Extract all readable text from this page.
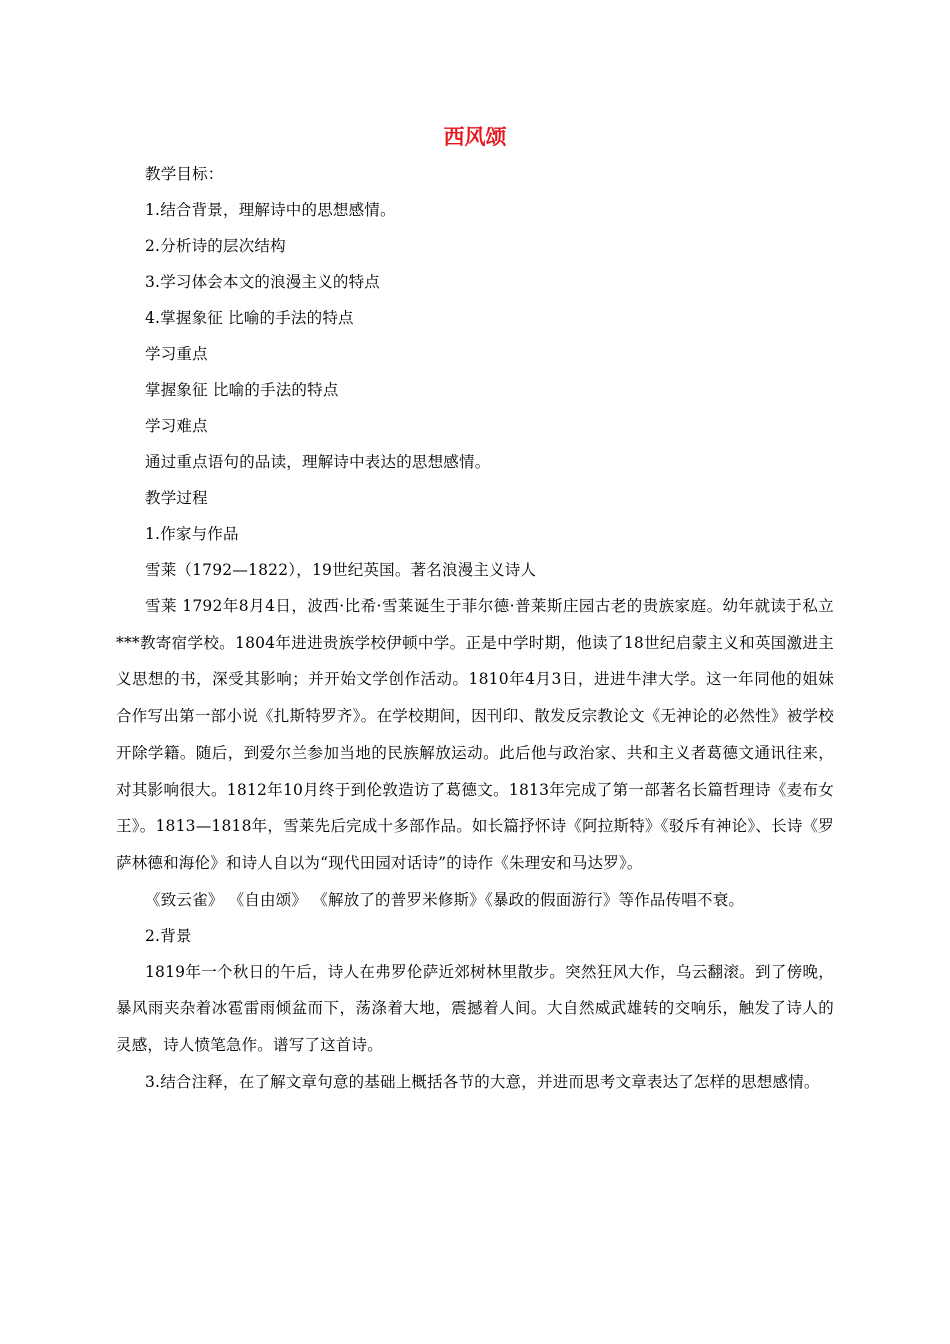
西风颂

教学目标：

1.结合背景，理解诗中的思想感情。

2.分析诗的层次结构

3.学习体会本文的浪漫主义的特点

4.掌握象征 比喻的手法的特点

学习重点

掌握象征 比喻的手法的特点

学习难点

通过重点语句的品读，理解诗中表达的思想感情。

教学过程

1.作家与作品

雪莱（1792—1822），19世纪英国。著名浪漫主义诗人

雪莱 1792年8月4日，波西·比希·雪莱诞生于菲尔德·普莱斯庄园古老的贵族家庭。幼年就读于私立***教寄宿学校。1804年进进贵族学校伊顿中学。正是中学时期，他读了18世纪启蒙主义和英国激进主义思想的书，深受其影响；并开始文学创作活动。1810年4月3日，进进牛津大学。这一年同他的姐妹合作写出第一部小说《扎斯特罗齐》。在学校期间，因刊印、散发反宗教论文《无神论的必然性》被学校开除学籍。随后，到爱尔兰参加当地的民族解放运动。此后他与政治家、共和主义者葛德文通讯往来，对其影响很大。1812年10月终于到伦敦造访了葛德文。1813年完成了第一部著名长篇哲理诗《麦布女王》。1813—1818年，雪莱先后完成十多部作品。如长篇抒怀诗《阿拉斯特》《驳斥有神论》、长诗《罗萨林德和海伦》和诗人自以为“现代田园对话诗”的诗作《朱理安和马达罗》。

《致云雀》 《自由颂》 《解放了的普罗米修斯》《暴政的假面游行》等作品传唱不衰。

2.背景

1819年一个秋日的午后，诗人在弗罗伦萨近郊树林里散步。突然狂风大作，乌云翻滚。到了傍晚，暴风雨夹杂着冰雹雷雨倾盆而下，荡涤着大地，震撼着人间。大自然威武雄转的交响乐，触发了诗人的灵感，诗人愤笔急作。谱写了这首诗。

3.结合注释，在了解文章句意的基础上概括各节的大意，并进而思考文章表达了怎样的思想感情。
